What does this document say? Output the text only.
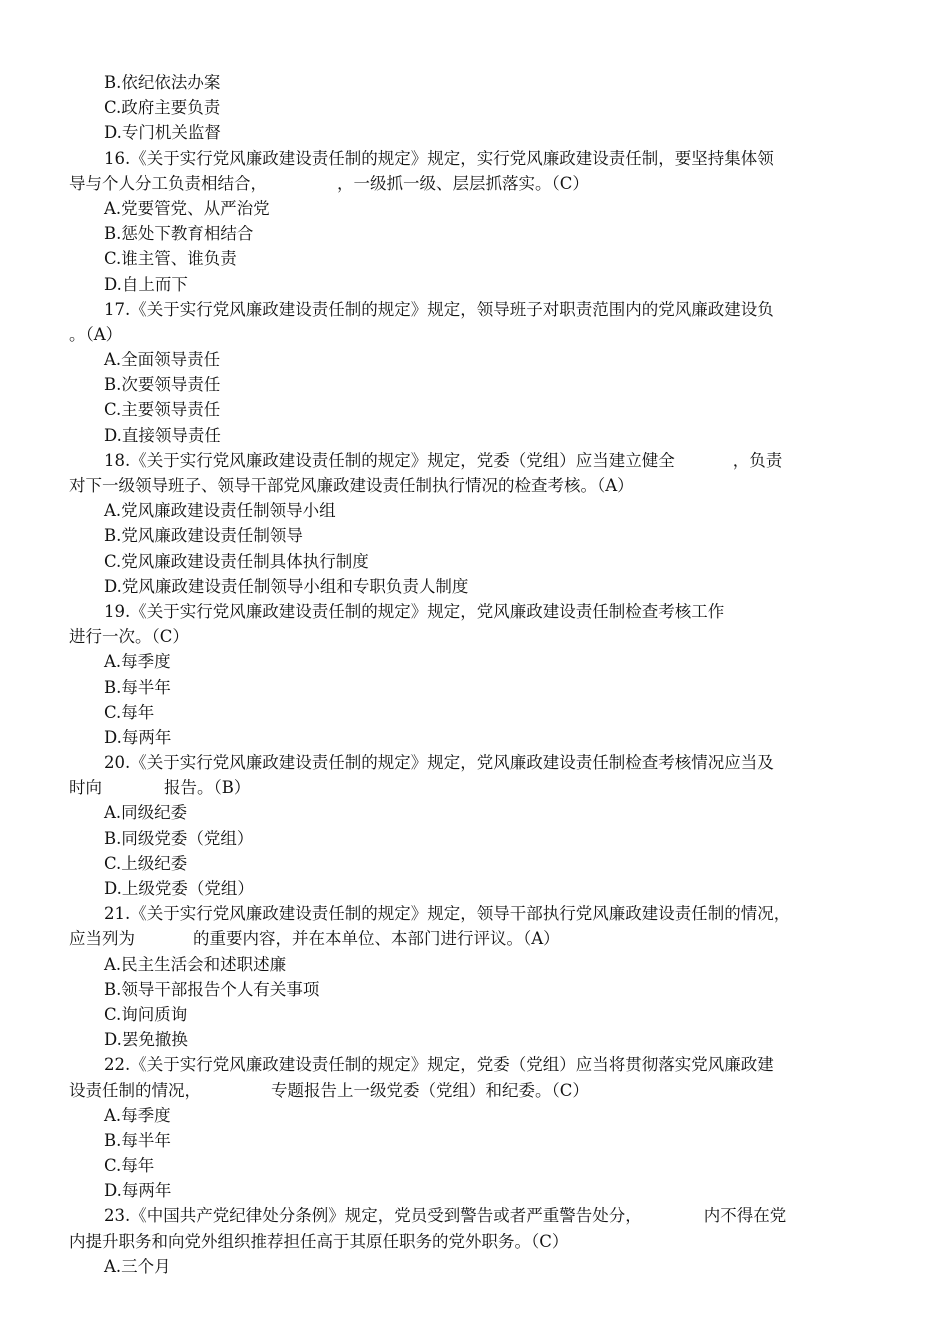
B.依纪依法办案
C.政府主要负责
D.专门机关监督
16.《关于实行党风廉政建设责任制的规定》规定，实行党风廉政建设责任制，要坚持集体领
导与个人分工负责相结合，	，一级抓一级、层层抓落实。（C）
A.党要管党、从严治党
B.惩处下教育相结合
C.谁主管、谁负责
D.自上而下
17.《关于实行党风廉政建设责任制的规定》规定，领导班子对职责范围内的党风廉政建设负
。（A）
A.全面领导责任
B.次要领导责任
C.主要领导责任
D.直接领导责任
18.《关于实行党风廉政建设责任制的规定》规定，党委（党组）应当建立健全	，负责
对下一级领导班子、领导干部党风廉政建设责任制执行情况的检查考核。（A）
A.党风廉政建设责任制领导小组
B.党风廉政建设责任制领导
C.党风廉政建设责任制具体执行制度
D.党风廉政建设责任制领导小组和专职负责人制度
19.《关于实行党风廉政建设责任制的规定》规定，党风廉政建设责任制检查考核工作
进行一次。（C）
A.每季度
B.每半年
C.每年
D.每两年
20.《关于实行党风廉政建设责任制的规定》规定，党风廉政建设责任制检查考核情况应当及
时向	报告。（B）
A.同级纪委
B.同级党委（党组）
C.上级纪委
D.上级党委（党组）
21.《关于实行党风廉政建设责任制的规定》规定，领导干部执行党风廉政建设责任制的情况，
应当列为	的重要内容，并在本单位、本部门进行评议。（A）
A.民主生活会和述职述廉
B.领导干部报告个人有关事项
C.询问质询
D.罢免撤换
22.《关于实行党风廉政建设责任制的规定》规定，党委（党组）应当将贯彻落实党风廉政建
设责任制的情况，	专题报告上一级党委（党组）和纪委。（C）
A.每季度
B.每半年
C.每年
D.每两年
23.《中国共产党纪律处分条例》规定，党员受到警告或者严重警告处分，	内不得在党
内提升职务和向党外组织推荐担任高于其原任职务的党外职务。（C）
A.三个月
